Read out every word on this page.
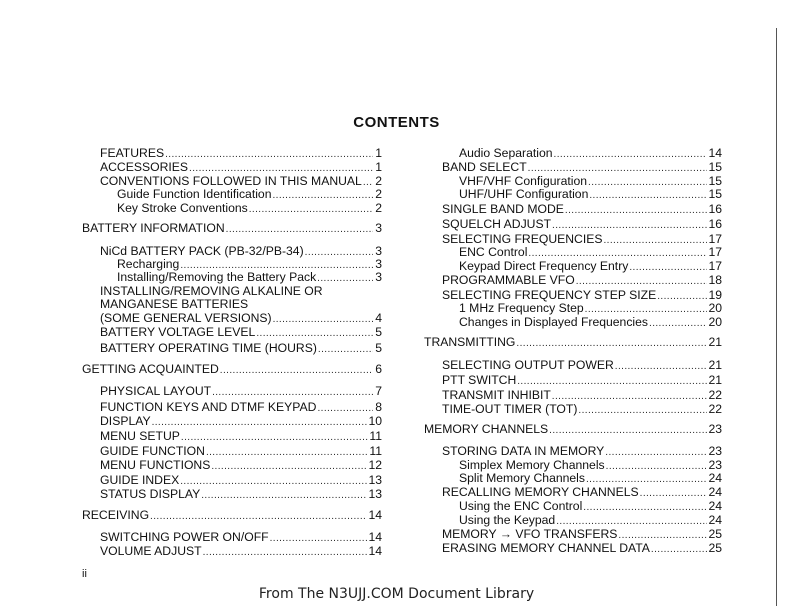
CONTENTS
FEATURES .....	1
ACCESSORIES .....	1
CONVENTIONS FOLLOWED IN THIS MANUAL ..... 2
Guide Function Identification .....	2
Key Stroke Conventions .....	2
BATTERY INFORMATION .....	3
NiCd BATTERY PACK (PB-32/PB-34) .....	3
Recharging .....	3
Installing/Removing the Battery Pack .....	3
INSTALLING/REMOVING ALKALINE OR
MANGANESE BATTERIES
(SOME GENERAL VERSIONS) .....	4
BATTERY VOLTAGE LEVEL .....	5
BATTERY OPERATING TIME (HOURS) .....	5
GETTING ACQUAINTED .....	6
PHYSICAL LAYOUT .....	7
FUNCTION KEYS AND DTMF KEYPAD .....	8
DISPLAY .....	10
MENU SETUP .....	11
GUIDE FUNCTION .....	11
MENU FUNCTIONS .....	12
GUIDE INDEX .....	13
STATUS DISPLAY .....	13
RECEIVING .....	14
SWITCHING POWER ON/OFF .....	14
VOLUME ADJUST .....	14
Audio Separation .....	14
BAND SELECT .....	15
VHF/VHF Configuration .....	15
UHF/UHF Configuration .....	15
SINGLE BAND MODE .....	16
SQUELCH ADJUST .....	16
SELECTING FREQUENCIES .....	17
ENC Control .....	17
Keypad Direct Frequency Entry .....	17
PROGRAMMABLE VFO .....	18
SELECTING FREQUENCY STEP SIZE .....	19
1 MHz Frequency Step .....	20
Changes in Displayed Frequencies .....	20
TRANSMITTING .....	21
SELECTING OUTPUT POWER .....	21
PTT SWITCH .....	21
TRANSMIT INHIBIT .....	22
TIME-OUT TIMER (TOT) .....	22
MEMORY CHANNELS .....	23
STORING DATA IN MEMORY .....	23
Simplex Memory Channels .....	23
Split Memory Channels .....	24
RECALLING MEMORY CHANNELS .....	24
Using the ENC Control .....	24
Using the Keypad .....	24
MEMORY → VFO TRANSFERS .....	25
ERASING MEMORY CHANNEL DATA .....	25
ii
From The N3UJJ.COM Document Library
